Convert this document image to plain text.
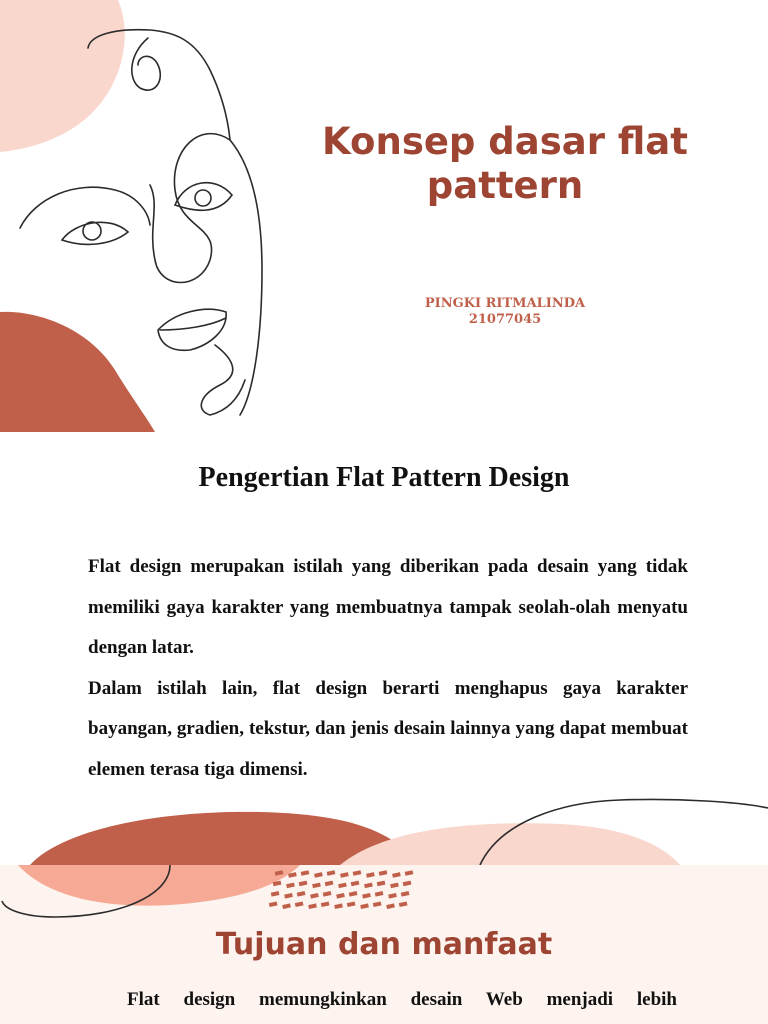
Konsep dasar flat pattern
PINGKI RITMALINDA
21077045
Pengertian Flat Pattern Design

Flat design merupakan istilah yang diberikan pada desain yang tidak memiliki gaya karakter yang membuatnya tampak seolah-olah menyatu dengan latar.

Dalam istilah lain, flat design berarti menghapus gaya karakter bayangan, gradien, tekstur, dan jenis desain lainnya yang dapat membuat elemen terasa tiga dimensi.

Tujuan dan manfaat
Flat design memungkinkan desain Web menjadi lebih
